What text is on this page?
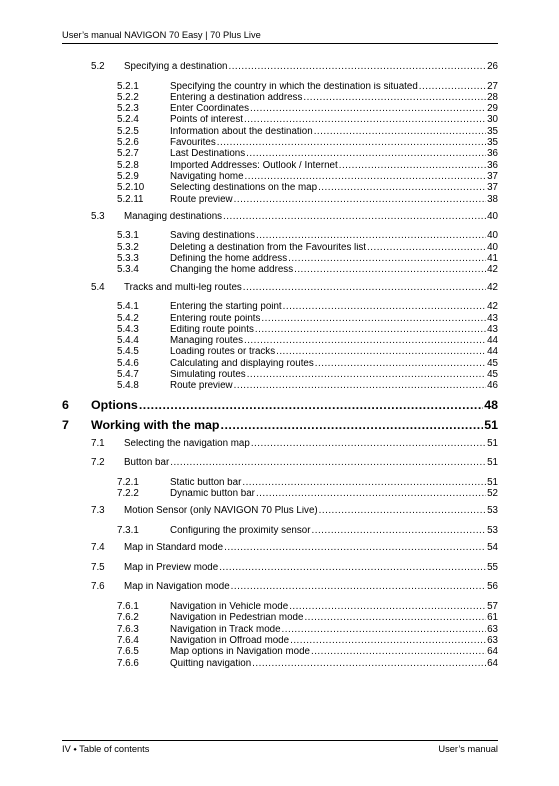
User’s manual NAVIGON 70 Easy | 70 Plus Live
5.2	Specifying a destination .....	26
5.2.1	Specifying the country in which the destination is situated .....	27
5.2.2	Entering a destination address .....	28
5.2.3	Enter Coordinates .....	29
5.2.4	Points of interest .....	30
5.2.5	Information about the destination .....	35
5.2.6	Favourites .....	35
5.2.7	Last Destinations .....	36
5.2.8	Imported Addresses: Outlook / Internet .....	36
5.2.9	Navigating home .....	37
5.2.10	Selecting destinations on the map .....	37
5.2.11	Route preview .....	38
5.3	Managing destinations .....	40
5.3.1	Saving destinations .....	40
5.3.2	Deleting a destination from the Favourites list .....	40
5.3.3	Defining the home address .....	41
5.3.4	Changing the home address .....	42
5.4	Tracks and multi-leg routes .....	42
5.4.1	Entering the starting point .....	42
5.4.2	Entering route points .....	43
5.4.3	Editing route points .....	43
5.4.4	Managing routes .....	44
5.4.5	Loading routes or tracks .....	44
5.4.6	Calculating and displaying routes .....	45
5.4.7	Simulating routes .....	45
5.4.8	Route preview .....	46
6	Options .....	48
7	Working with the map .....	51
7.1	Selecting the navigation map .....	51
7.2	Button bar .....	51
7.2.1	Static button bar .....	51
7.2.2	Dynamic button bar .....	52
7.3	Motion Sensor (only NAVIGON 70 Plus Live) .....	53
7.3.1	Configuring the proximity sensor .....	53
7.4	Map in Standard mode .....	54
7.5	Map in Preview mode .....	55
7.6	Map in Navigation mode .....	56
7.6.1	Navigation in Vehicle mode .....	57
7.6.2	Navigation in Pedestrian mode .....	61
7.6.3	Navigation in Track mode .....	63
7.6.4	Navigation in Offroad mode .....	63
7.6.5	Map options in Navigation mode .....	64
7.6.6	Quitting navigation .....	64
IV ⬩ Table of contents	User’s manual
